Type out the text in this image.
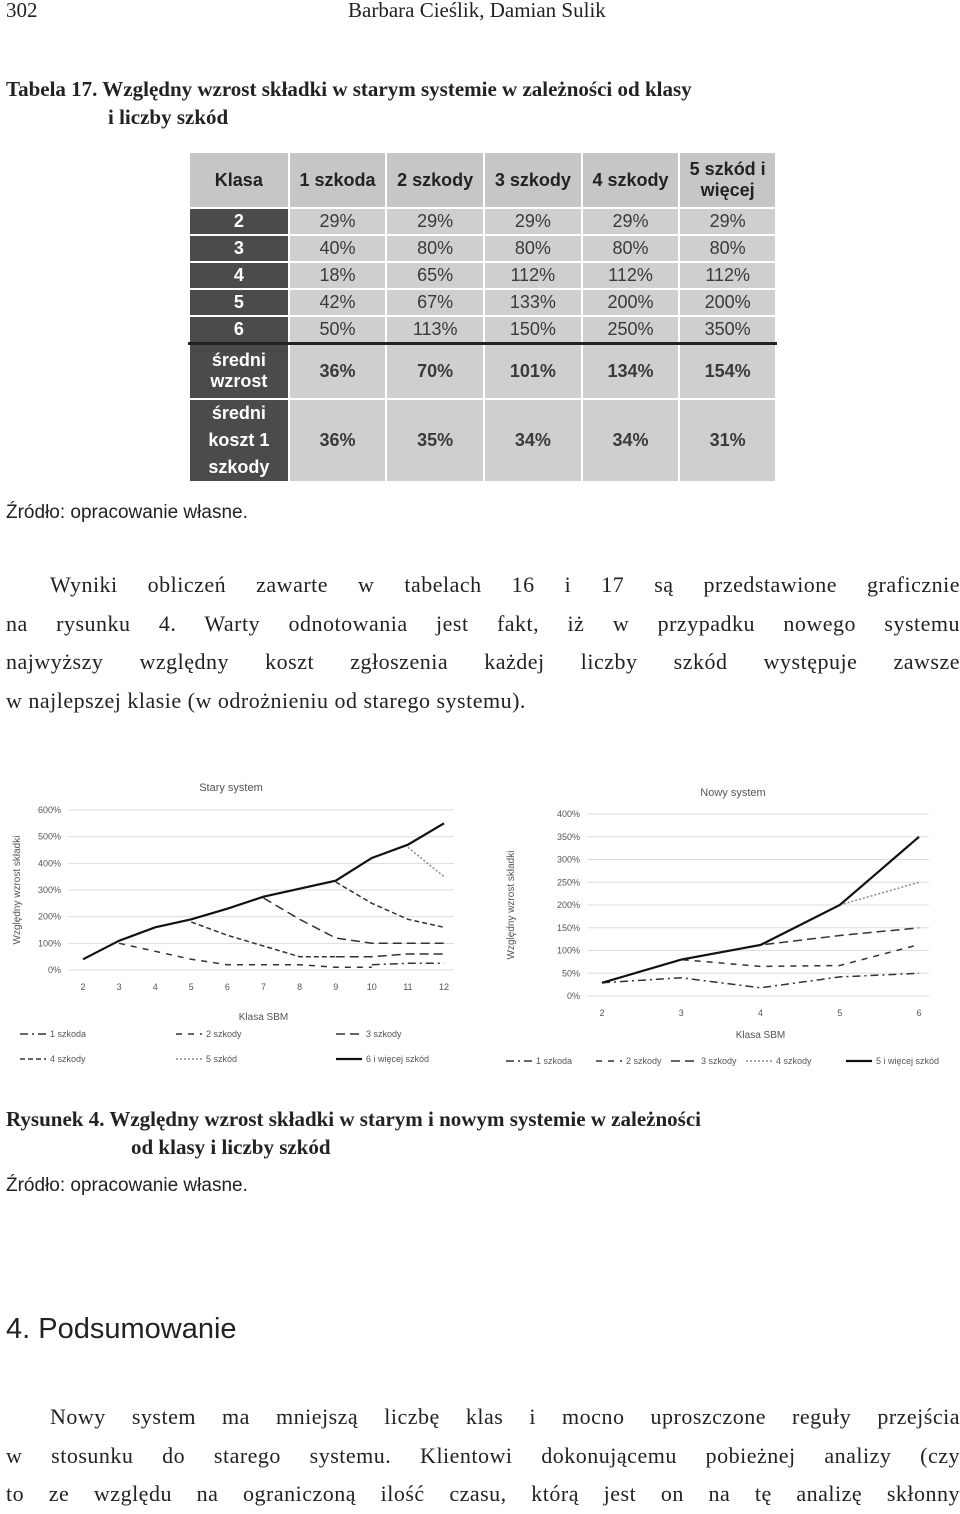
302	Barbara Cieślik, Damian Sulik
Tabela 17. Względny wzrost składki w starym systemie w zależności od klasy
i liczby szkód
Klasa	1 szkoda	2 szkody	3 szkody	4 szkody	5 szkód i więcej
2	29%	29%	29%	29%	29%
3	40%	80%	80%	80%	80%
4	18%	65%	112%	112%	112%
5	42%	67%	133%	200%	200%
6	50%	113%	150%	250%	350%
średni wzrost	36%	70%	101%	134%	154%
średni koszt 1 szkody	36%	35%	34%	34%	31%
Źródło: opracowanie własne.
Wyniki obliczeń zawarte w tabelach 16 i 17 są przedstawione graficznie
na rysunku 4. Warty odnotowania jest fakt, iż w przypadku nowego systemu
najwyższy względny koszt zgłoszenia każdej liczby szkód występuje zawsze
w najlepszej klasie (w odrożnieniu od starego systemu).
0%
100%
200%
300%
400%
500%
600%
2	3	4	5	6	7	8	9	10	11	12
Stary system
Względny wzrost składki
Klasa SBM
1 szkoda	2 szkody	3 szkody
4 szkody	5 szkód	6 i więcej szkód
0%
50%
100%
150%
200%
250%
300%
350%
400%
2	3	4	5	6
Nowy system
Względny wzrost składki
Klasa SBM
1 szkoda	2 szkody	3 szkody	4 szkody	5 i więcej szkód
Rysunek 4. Względny wzrost składki w starym i nowym systemie w zależności
od klasy i liczby szkód
Źródło: opracowanie własne.
4. Podsumowanie
Nowy system ma mniejszą liczbę klas i mocno uproszczone reguły przejścia
w stosunku do starego systemu. Klientowi dokonującemu pobieżnej analizy (czy
to ze względu na ograniczoną ilość czasu, którą jest on na tę analizę skłonny
